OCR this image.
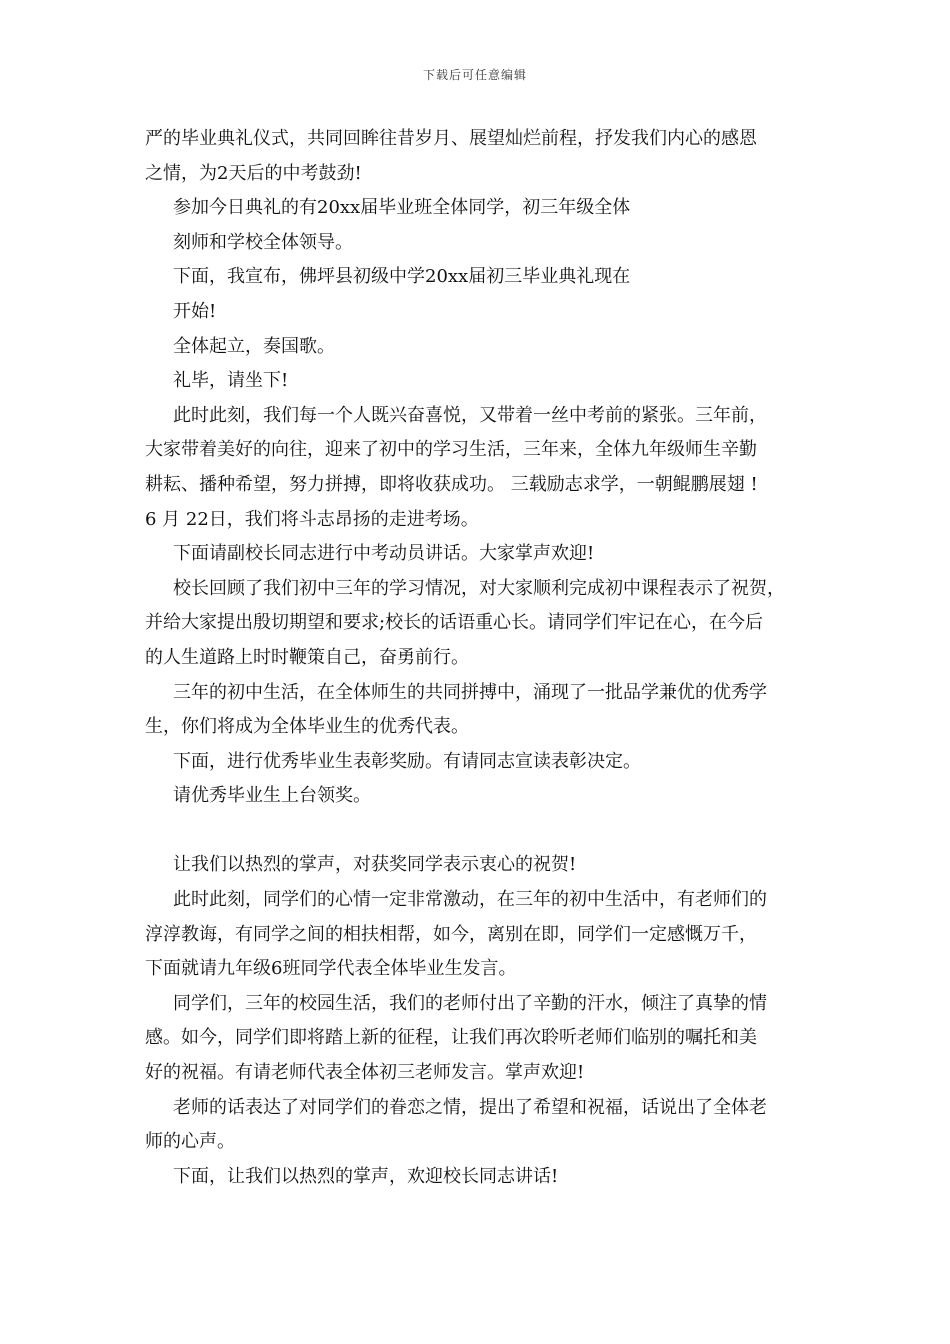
下载后可任意编辑
严的毕业典礼仪式，共同回眸往昔岁月、展望灿烂前程，抒发我们内心的感恩
之情，为2天后的中考鼓劲!
参加今日典礼的有20xx届毕业班全体同学，初三年级全体
刻师和学校全体领导。
下面，我宣布，佛坪县初级中学20xx届初三毕业典礼现在
开始!
全体起立，奏国歌。
礼毕，请坐下!
此时此刻，我们每一个人既兴奋喜悦，又带着一丝中考前的紧张。三年前，
大家带着美好的向往，迎来了初中的学习生活，三年来，全体九年级师生辛勤
耕耘、播种希望，努力拼搏，即将收获成功。 三载励志求学，一朝鲲鹏展翅 !
6 月 22日，我们将斗志昂扬的走进考场。
下面请副校长同志进行中考动员讲话。大家掌声欢迎!
校长回顾了我们初中三年的学习情况，对大家顺利完成初中课程表示了祝贺，
并给大家提出殷切期望和要求;校长的话语重心长。请同学们牢记在心，在今后
的人生道路上时时鞭策自己，奋勇前行。
三年的初中生活，在全体师生的共同拼搏中，涌现了一批品学兼优的优秀学
生，你们将成为全体毕业生的优秀代表。
下面，进行优秀毕业生表彰奖励。有请同志宣读表彰决定。
请优秀毕业生上台领奖。
让我们以热烈的掌声，对获奖同学表示衷心的祝贺!
此时此刻，同学们的心情一定非常激动，在三年的初中生活中，有老师们的
淳淳教诲，有同学之间的相扶相帮，如今，离别在即，同学们一定感慨万千，
下面就请九年级6班同学代表全体毕业生发言。
同学们，三年的校园生活，我们的老师付出了辛勤的汗水，倾注了真挚的情
感。如今，同学们即将踏上新的征程，让我们再次聆听老师们临别的嘱托和美
好的祝福。有请老师代表全体初三老师发言。掌声欢迎!
老师的话表达了对同学们的眷恋之情，提出了希望和祝福，话说出了全体老
师的心声。
下面，让我们以热烈的掌声，欢迎校长同志讲话!
